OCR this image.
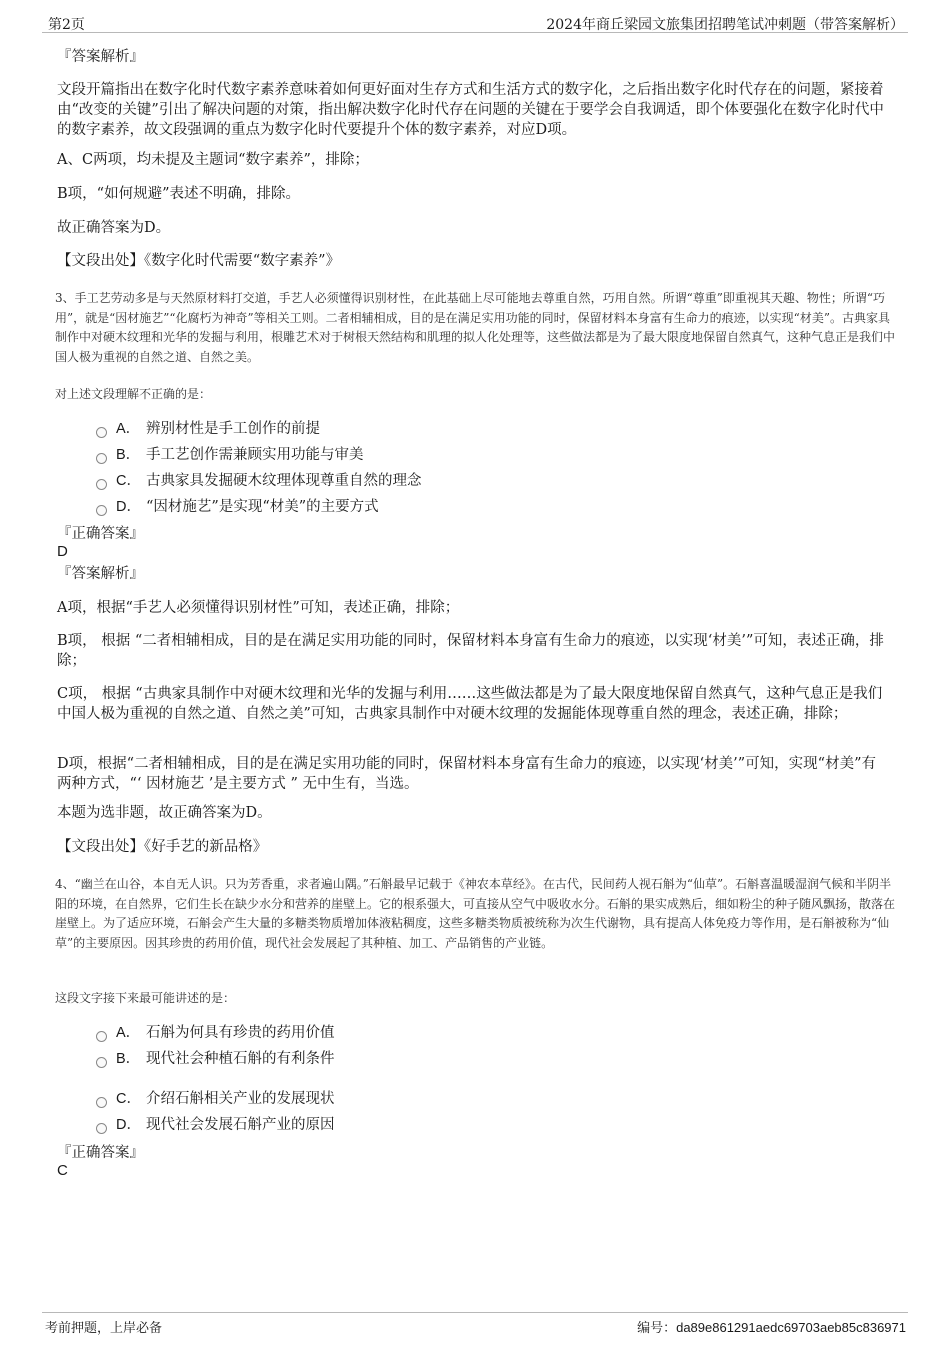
第2页	2024年商丘梁园文旅集团招聘笔试冲刺题（带答案解析）
『答案解析』

文段开篇指出在数字化时代数字素养意味着如何更好面对生存方式和生活方式的数字化，之后指出数字化时代存在的问题，紧接着由“改变的关键”引出了解决问题的对策，指出解决数字化时代存在问题的关键在于要学会自我调适，即个体要强化在数字化时代中的数字素养，故文段强调的重点为数字化时代要提升个体的数字素养，对应D项。

A、C两项，均未提及主题词“数字素养”，排除；

B项，“如何规避”表述不明确，排除。

故正确答案为D。

【文段出处】《数字化时代需要“数字素养”》

3、手工艺劳动多是与天然原材料打交道，手艺人必须懂得识别材性，在此基础上尽可能地去尊重自然，巧用自然。所谓“尊重”即重视其天趣、物性；所谓“巧用”，就是“因材施艺”“化腐朽为神奇”等相关工则。二者相辅相成，目的是在满足实用功能的同时，保留材料本身富有生命力的痕迹，以实现“材美”。古典家具制作中对硬木纹理和光华的发掘与利用，根雕艺术对于树根天然结构和肌理的拟人化处理等，这些做法都是为了最大限度地保留自然真气，这种气息正是我们中国人极为重视的自然之道、自然之美。

对上述文段理解不正确的是：

A． 辨别材性是手工创作的前提
B． 手工艺创作需兼顾实用功能与审美
C． 古典家具发掘硬木纹理体现尊重自然的理念
D． “因材施艺”是实现“材美”的主要方式
『正确答案』
D
『答案解析』

A项，根据“手艺人必须懂得识别材性”可知，表述正确，排除；

B项， 根据 “二者相辅相成，目的是在满足实用功能的同时，保留材料本身富有生命力的痕迹，以实现‘材美’”可知，表述正确，排除；

C项， 根据 “古典家具制作中对硬木纹理和光华的发掘与利用……这些做法都是为了最大限度地保留自然真气，这种气息正是我们中国人极为重视的自然之道、自然之美”可知，古典家具制作中对硬木纹理的发掘能体现尊重自然的理念，表述正确，排除；

D项，根据“二者相辅相成，目的是在满足实用功能的同时，保留材料本身富有生命力的痕迹，以实现‘材美’”可知，实现“材美”有两种方式，“‘ 因材施艺 ’是主要方式 ” 无中生有，当选。

本题为选非题，故正确答案为D。

【文段出处】《好手艺的新品格》

4、“幽兰在山谷，本自无人识。只为芳香重，求者遍山隅。”石斛最早记载于《神农本草经》。在古代，民间药人视石斛为“仙草”。石斛喜温暖湿润气候和半阴半阳的环境，在自然界，它们生长在缺少水分和营养的崖壁上。它的根系强大，可直接从空气中吸收水分。石斛的果实成熟后，细如粉尘的种子随风飘扬，散落在崖壁上。为了适应环境，石斛会产生大量的多糖类物质增加体液粘稠度，这些多糖类物质被统称为次生代谢物，具有提高人体免疫力等作用，是石斛被称为“仙草”的主要原因。因其珍贵的药用价值，现代社会发展起了其种植、加工、产品销售的产业链。

这段文字接下来最可能讲述的是：

A． 石斛为何具有珍贵的药用价值
B． 现代社会种植石斛的有利条件
C． 介绍石斛相关产业的发展现状
D． 现代社会发展石斛产业的原因
『正确答案』
C
考前押题，上岸必备	编号：da89e861291aedc69703aeb85c836971
